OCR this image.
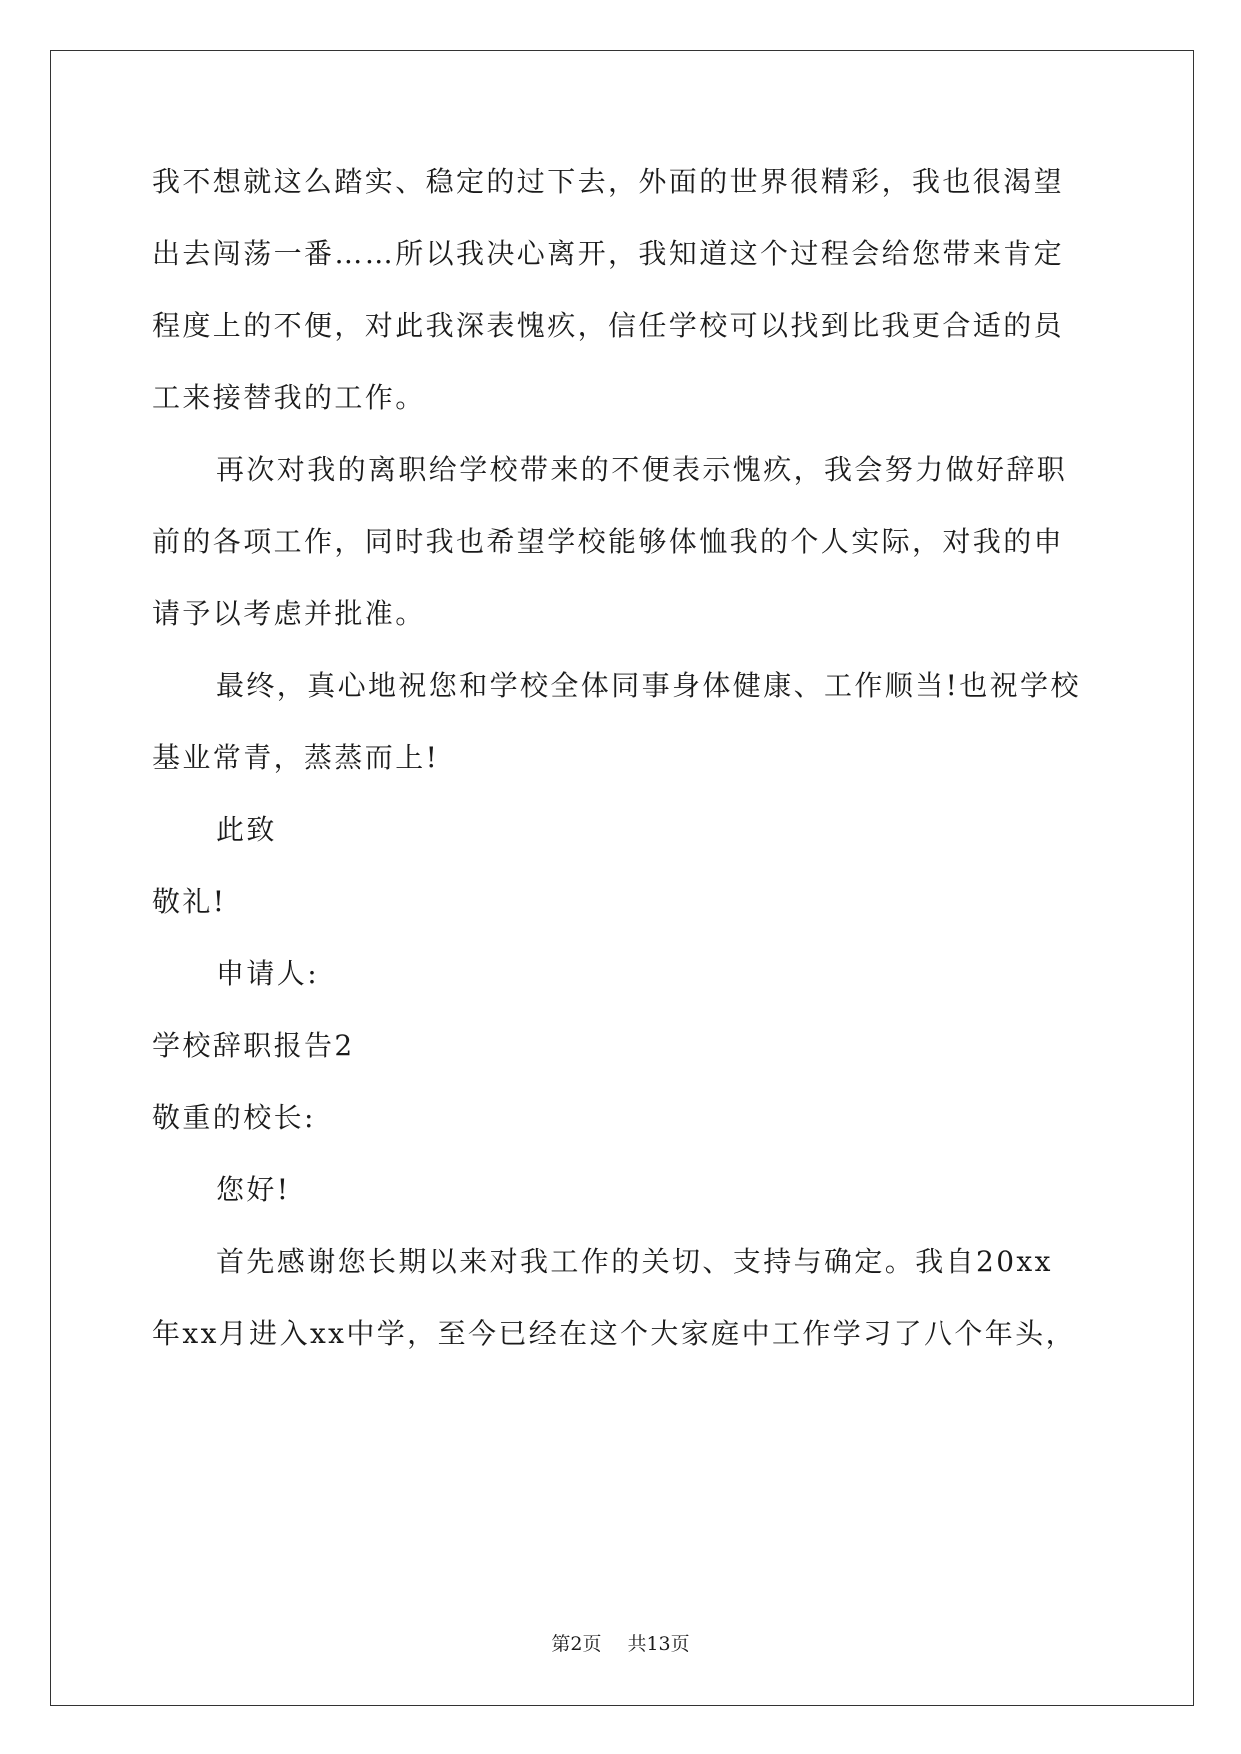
我不想就这么踏实、稳定的过下去，外面的世界很精彩，我也很渴望
出去闯荡一番……所以我决心离开，我知道这个过程会给您带来肯定
程度上的不便，对此我深表愧疚，信任学校可以找到比我更合适的员
工来接替我的工作。
再次对我的离职给学校带来的不便表示愧疚，我会努力做好辞职
前的各项工作，同时我也希望学校能够体恤我的个人实际，对我的申
请予以考虑并批准。
最终，真心地祝您和学校全体同事身体健康、工作顺当!也祝学校
基业常青，蒸蒸而上!
此致
敬礼!
申请人:
学校辞职报告2
敬重的校长:
您好!
首先感谢您长期以来对我工作的关切、支持与确定。我自20xx
年xx月进入xx中学，至今已经在这个大家庭中工作学习了八个年头，
第2页 共13页
